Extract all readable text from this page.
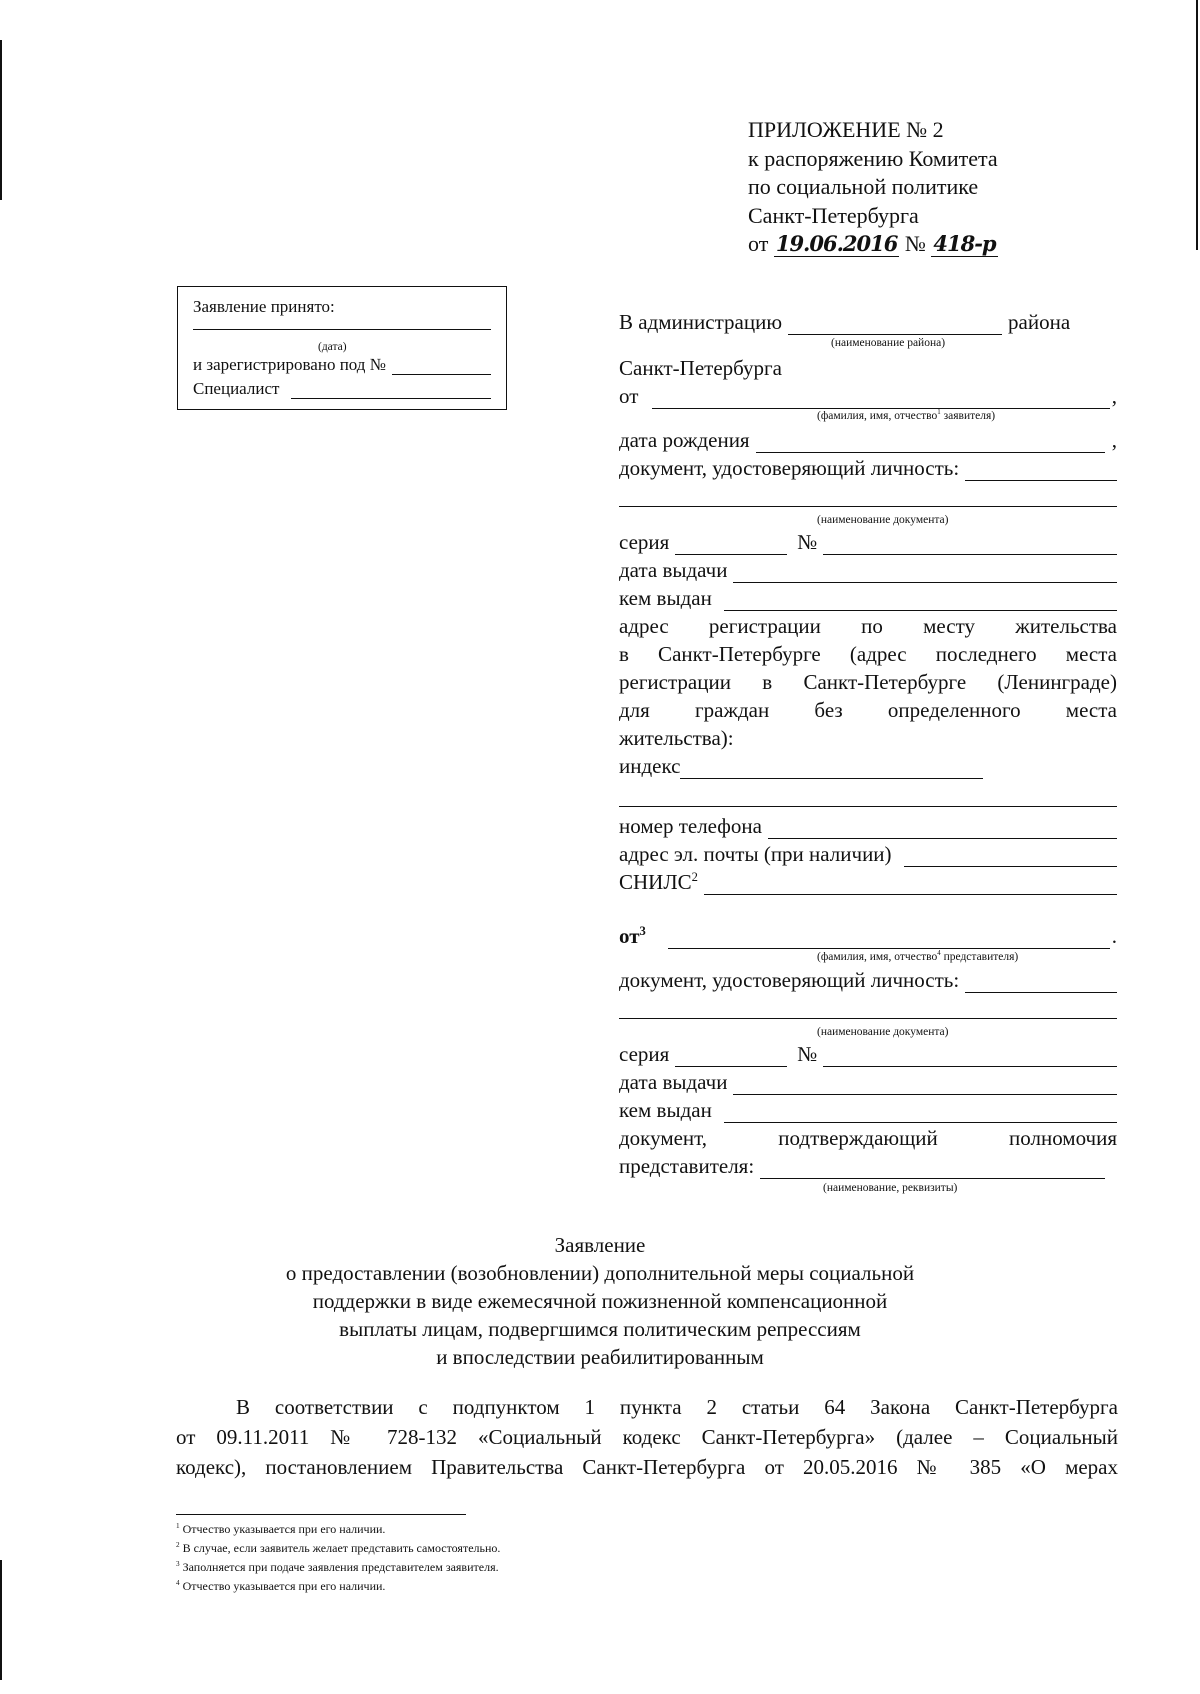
ПРИЛОЖЕНИЕ № 2
к распоряжению Комитета
по социальной политике
Санкт-Петербурга
от 19.06.2016 № 418-р
Заявление принято:
(дата)
и зарегистрировано под №
Специалист
В администрацию	района
(наименование района)
Санкт-Петербурга
от	,
(фамилия, имя, отчество$^1$ заявителя)
дата рождения	,
документ, удостоверяющий личность:
(наименование документа)
серия	№
дата выдачи
кем выдан
адрес регистрации по месту жительства
в Санкт-Петербурге (адрес последнего места
регистрации в Санкт-Петербурге (Ленинграде)
для граждан без определенного места
жительства):
индекс
номер телефона
адрес эл. почты (при наличии)
СНИЛС$^2$
$от^3$	.
(фамилия, имя, отчество$^4$ представителя)
документ, удостоверяющий личность:
(наименование документа)
серия	№
дата выдачи
кем выдан
документ, подтверждающий полномочия
представителя:
(наименование, реквизиты)
Заявление
о предоставлении (возобновлении) дополнительной меры социальной
поддержки в виде ежемесячной пожизненной компенсационной
выплаты лицам, подвергшимся политическим репрессиям
и впоследствии реабилитированным
В соответствии с подпунктом 1 пункта 2 статьи 64 Закона Санкт-Петербурга
от 09.11.2011 № 728-132 «Социальный кодекс Санкт-Петербурга» (далее – Социальный
кодекс), постановлением Правительства Санкт-Петербурга от 20.05.2016 № 385 «О мерах
$^1$ Отчество указывается при его наличии.
$^2$ В случае, если заявитель желает представить самостоятельно.
$^3$ Заполняется при подаче заявления представителем заявителя.
$^4$ Отчество указывается при его наличии.
